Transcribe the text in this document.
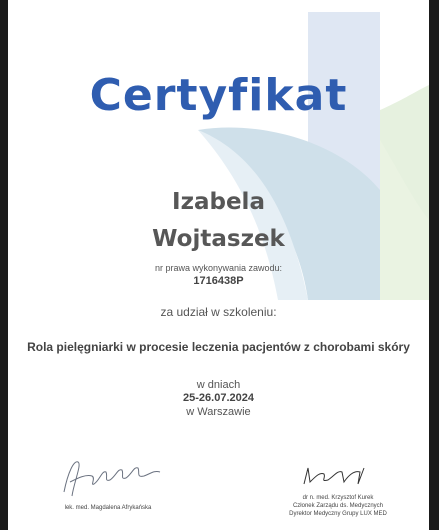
Certyfikat
Izabela
Wojtaszek
nr prawa wykonywania zawodu:
1716438P
za udział w szkoleniu:
Rola pielęgniarki w procesie leczenia pacjentów z chorobami skóry
w dniach
25-26.07.2024
w Warszawie
lek. med. Magdalena Afrykańska
dr n. med. Krzysztof Kurek
Członek Zarządu ds. Medycznych
Dyrektor Medyczny Grupy LUX MED
